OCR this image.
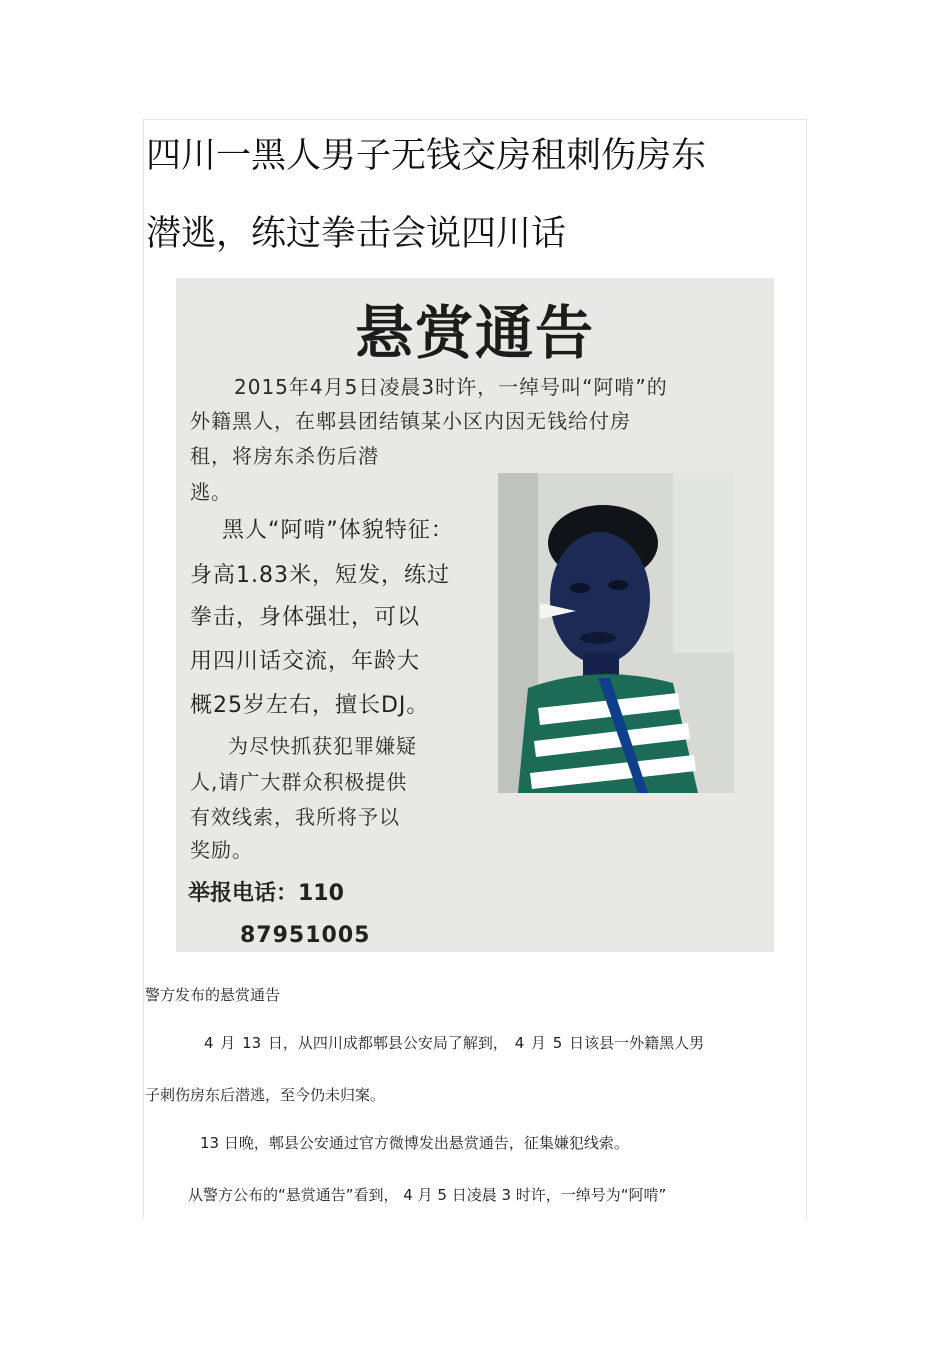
四川一黑人男子无钱交房租刺伤房东
潜逃，练过拳击会说四川话
悬赏通告
2015年4月5日凌晨3时许，一绰号叫“阿啃”的
外籍黑人，在郫县团结镇某小区内因无钱给付房
租，将房东杀伤后潜
逃。
黑人“阿啃”体貌特征：
身高1.83米，短发，练过
拳击，身体强壮，可以
用四川话交流，年龄大
概25岁左右，擅长DJ。
为尽快抓获犯罪嫌疑
人,请广大群众积极提供
有效线索，我所将予以
奖励。
举报电话：110
87951005
警方发布的悬赏通告
4 月 13 日，从四川成都郫县公安局了解到， 4 月 5 日该县一外籍黑人男
子刺伤房东后潜逃，至今仍未归案。
13 日晚，郫县公安通过官方微博发出悬赏通告，征集嫌犯线索。
从警方公布的“悬赏通告”看到， 4 月 5 日凌晨 3 时许，一绰号为“阿啃”
